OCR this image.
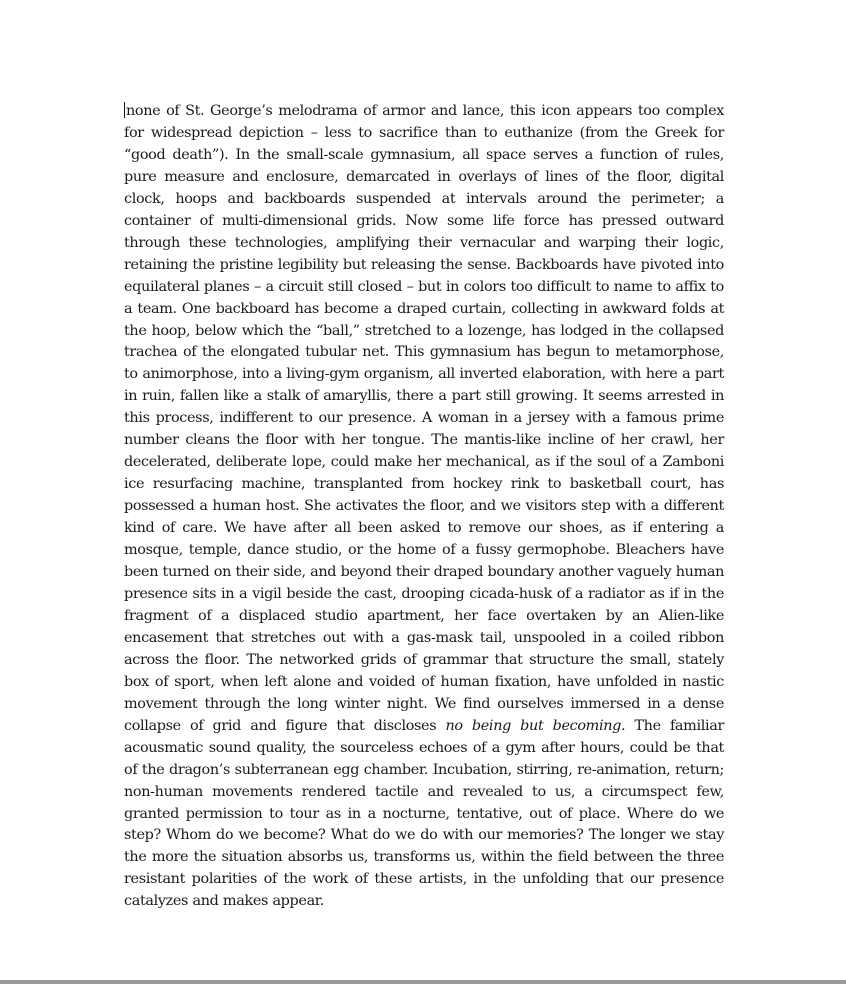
none of St. George’s melodrama of armor and lance, this icon appears too complex for widespread depiction – less to sacrifice than to euthanize (from the Greek for “good death”). In the small-scale gymnasium, all space serves a function of rules, pure measure and enclosure, demarcated in overlays of lines of the floor, digital clock, hoops and backboards suspended at intervals around the perimeter; a container of multi-dimensional grids. Now some life force has pressed outward through these technologies, amplifying their vernacular and warping their logic, retaining the pristine legibility but releasing the sense. Backboards have pivoted into equilateral planes – a circuit still closed – but in colors too difficult to name to affix to a team. One backboard has become a draped curtain, collecting in awkward folds at the hoop, below which the “ball,” stretched to a lozenge, has lodged in the collapsed trachea of the elongated tubular net. This gymnasium has begun to metamorphose, to animorphose, into a living-gym organism, all inverted elaboration, with here a part in ruin, fallen like a stalk of amaryllis, there a part still growing. It seems arrested in this process, indifferent to our presence. A woman in a jersey with a famous prime number cleans the floor with her tongue. The mantis-like incline of her crawl, her decelerated, deliberate lope, could make her mechanical, as if the soul of a Zamboni ice resurfacing machine, transplanted from hockey rink to basketball court, has possessed a human host. She activates the floor, and we visitors step with a different kind of care. We have after all been asked to remove our shoes, as if entering a mosque, temple, dance studio, or the home of a fussy germophobe. Bleachers have been turned on their side, and beyond their draped boundary another vaguely human presence sits in a vigil beside the cast, drooping cicada-husk of a radiator as if in the fragment of a displaced studio apartment, her face overtaken by an Alien-like encasement that stretches out with a gas-mask tail, unspooled in a coiled ribbon across the floor. The networked grids of grammar that structure the small, stately box of sport, when left alone and voided of human fixation, have unfolded in nastic movement through the long winter night. We find ourselves immersed in a dense collapse of grid and figure that discloses no being but becoming. The familiar acousmatic sound quality, the sourceless echoes of a gym after hours, could be that of the dragon’s subterranean egg chamber. Incubation, stirring, re-animation, return; non-human movements rendered tactile and revealed to us, a circumspect few, granted permission to tour as in a nocturne, tentative, out of place. Where do we step? Whom do we become? What do we do with our memories? The longer we stay the more the situation absorbs us, transforms us, within the field between the three resistant polarities of the work of these artists, in the unfolding that our presence catalyzes and makes appear.
